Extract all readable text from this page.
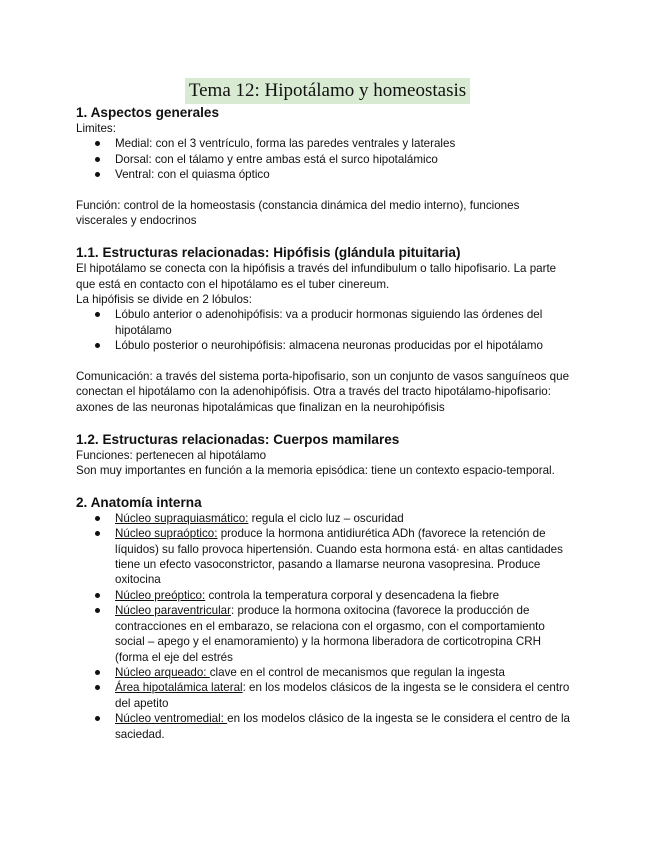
Tema 12: Hipotálamo y homeostasis
1. Aspectos generales

Limites:

Medial: con el 3 ventrículo, forma las paredes ventrales y laterales
Dorsal: con el tálamo y entre ambas está el surco hipotalámico
Ventral: con el quiasma óptico

Función: control de la homeostasis (constancia dinámica del medio interno), funciones
viscerales y endocrinos

1.1. Estructuras relacionadas: Hipófisis (glándula pituitaria)

El hipotálamo se conecta con la hipófisis a través del infundibulum o tallo hipofisario. La parte
que está en contacto con el hipotálamo es el tuber cinereum.

La hipófisis se divide en 2 lóbulos:

Lóbulo anterior o adenohipófisis: va a producir hormonas siguiendo las órdenes del
hipotálamo
Lóbulo posterior o neurohipófisis: almacena neuronas producidas por el hipotálamo

Comunicación: a través del sistema porta-hipofisario, son un conjunto de vasos sanguíneos que
conectan el hipotálamo con la adenohipófisis. Otra a través del tracto hipotálamo-hipofisario:
axones de las neuronas hipotalámicas que finalizan en la neurohipófisis

1.2. Estructuras relacionadas: Cuerpos mamilares

Funciones: pertenecen al hipotálamo

Son muy importantes en función a la memoria episódica: tiene un contexto espacio-temporal.

2. Anatomía interna
Núcleo supraquiasmático: regula el ciclo luz – oscuridad
Núcleo supraóptico: produce la hormona antidiurética ADh (favorece la retención de
líquidos) su fallo provoca hipertensión. Cuando esta hormona está· en altas cantidades
tiene un efecto vasoconstrictor, pasando a llamarse neurona vasopresina. Produce
oxitocina
Núcleo preóptico: controla la temperatura corporal y desencadena la fiebre
Núcleo paraventricular: produce la hormona oxitocina (favorece la producción de
contracciones en el embarazo, se relaciona con el orgasmo, con el comportamiento
social – apego y el enamoramiento) y la hormona liberadora de corticotropina CRH
(forma el eje del estrés
Núcleo arqueado: clave en el control de mecanismos que regulan la ingesta
Área hipotalámica lateral: en los modelos clásicos de la ingesta se le considera el centro
del apetito
Núcleo ventromedial: en los modelos clásico de la ingesta se le considera el centro de la
saciedad.
